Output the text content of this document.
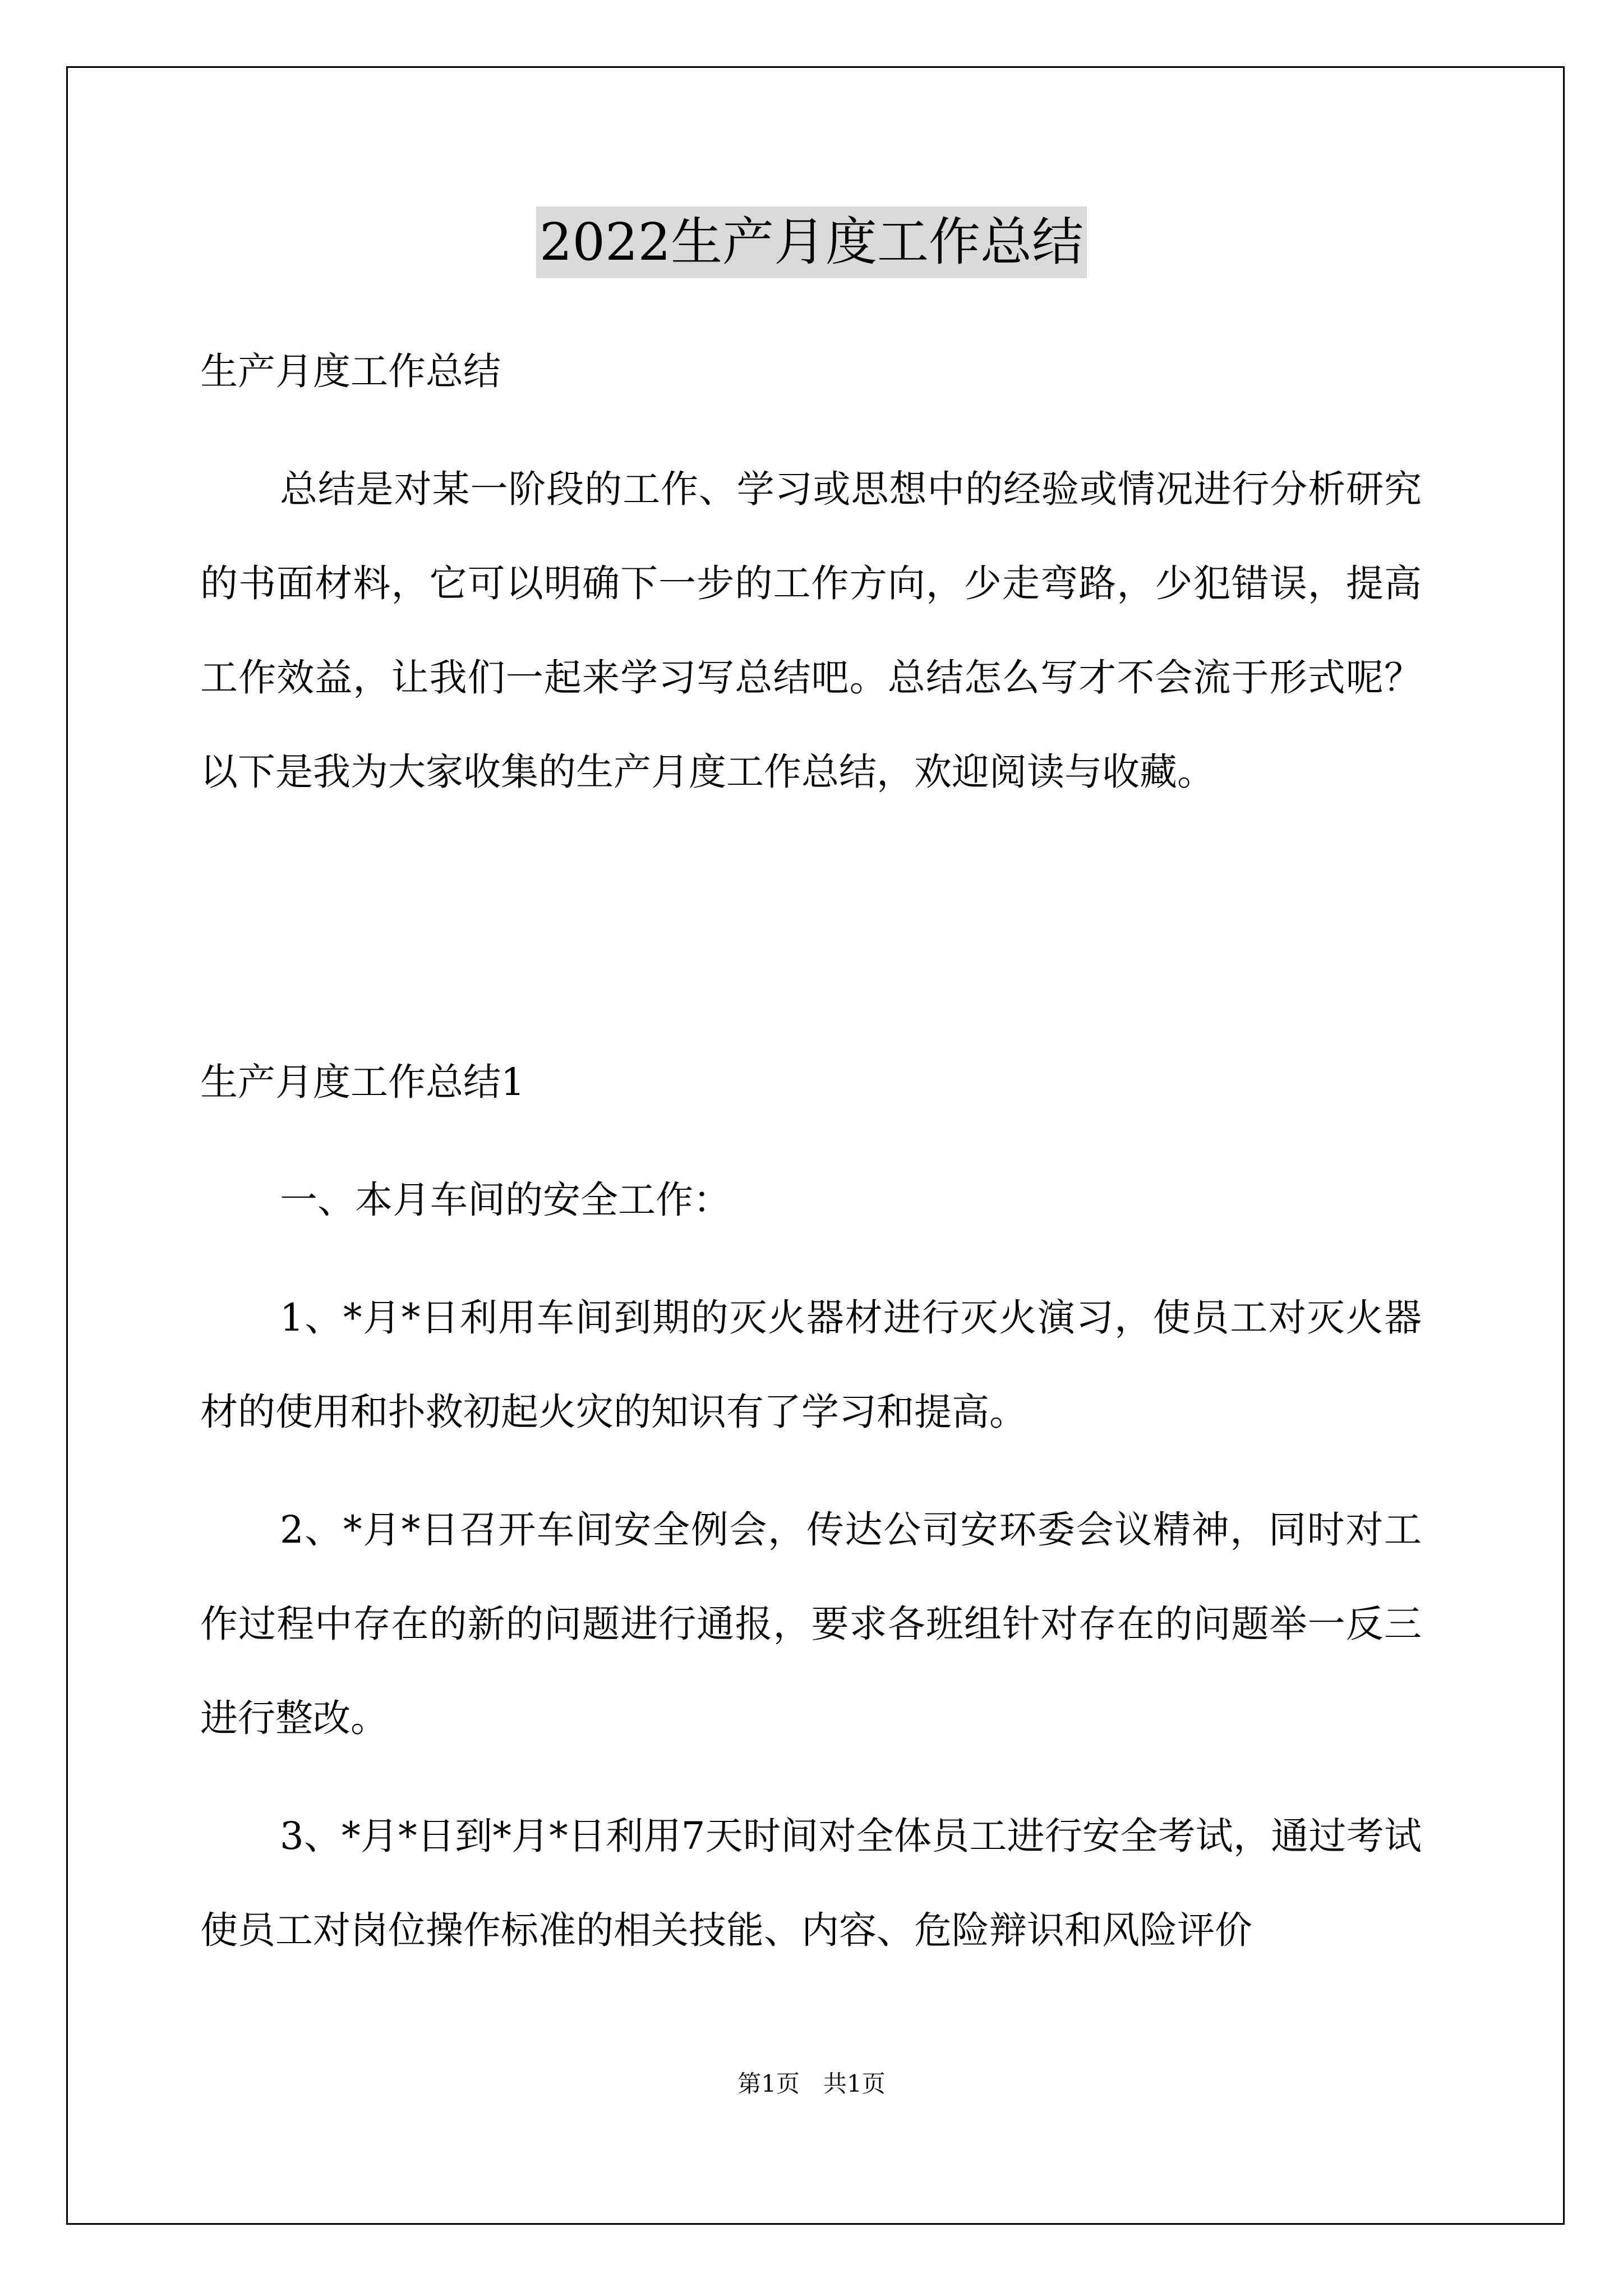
2022生产月度工作总结

生产月度工作总结

总结是对某一阶段的工作、学习或思想中的经验或情况进行分析研究的书面材料，它可以明确下一步的工作方向，少走弯路，少犯错误，提高工作效益，让我们一起来学习写总结吧。总结怎么写才不会流于形式呢？以下是我为大家收集的生产月度工作总结，欢迎阅读与收藏。

生产月度工作总结1

一、本月车间的安全工作：

1、*月*日利用车间到期的灭火器材进行灭火演习，使员工对灭火器材的使用和扑救初起火灾的知识有了学习和提高。

2、*月*日召开车间安全例会，传达公司安环委会议精神，同时对工作过程中存在的新的问题进行通报，要求各班组针对存在的问题举一反三进行整改。

3、*月*日到*月*日利用7天时间对全体员工进行安全考试，通过考试使员工对岗位操作标准的相关技能、内容、危险辩识和风险评价

第1页　共1页
